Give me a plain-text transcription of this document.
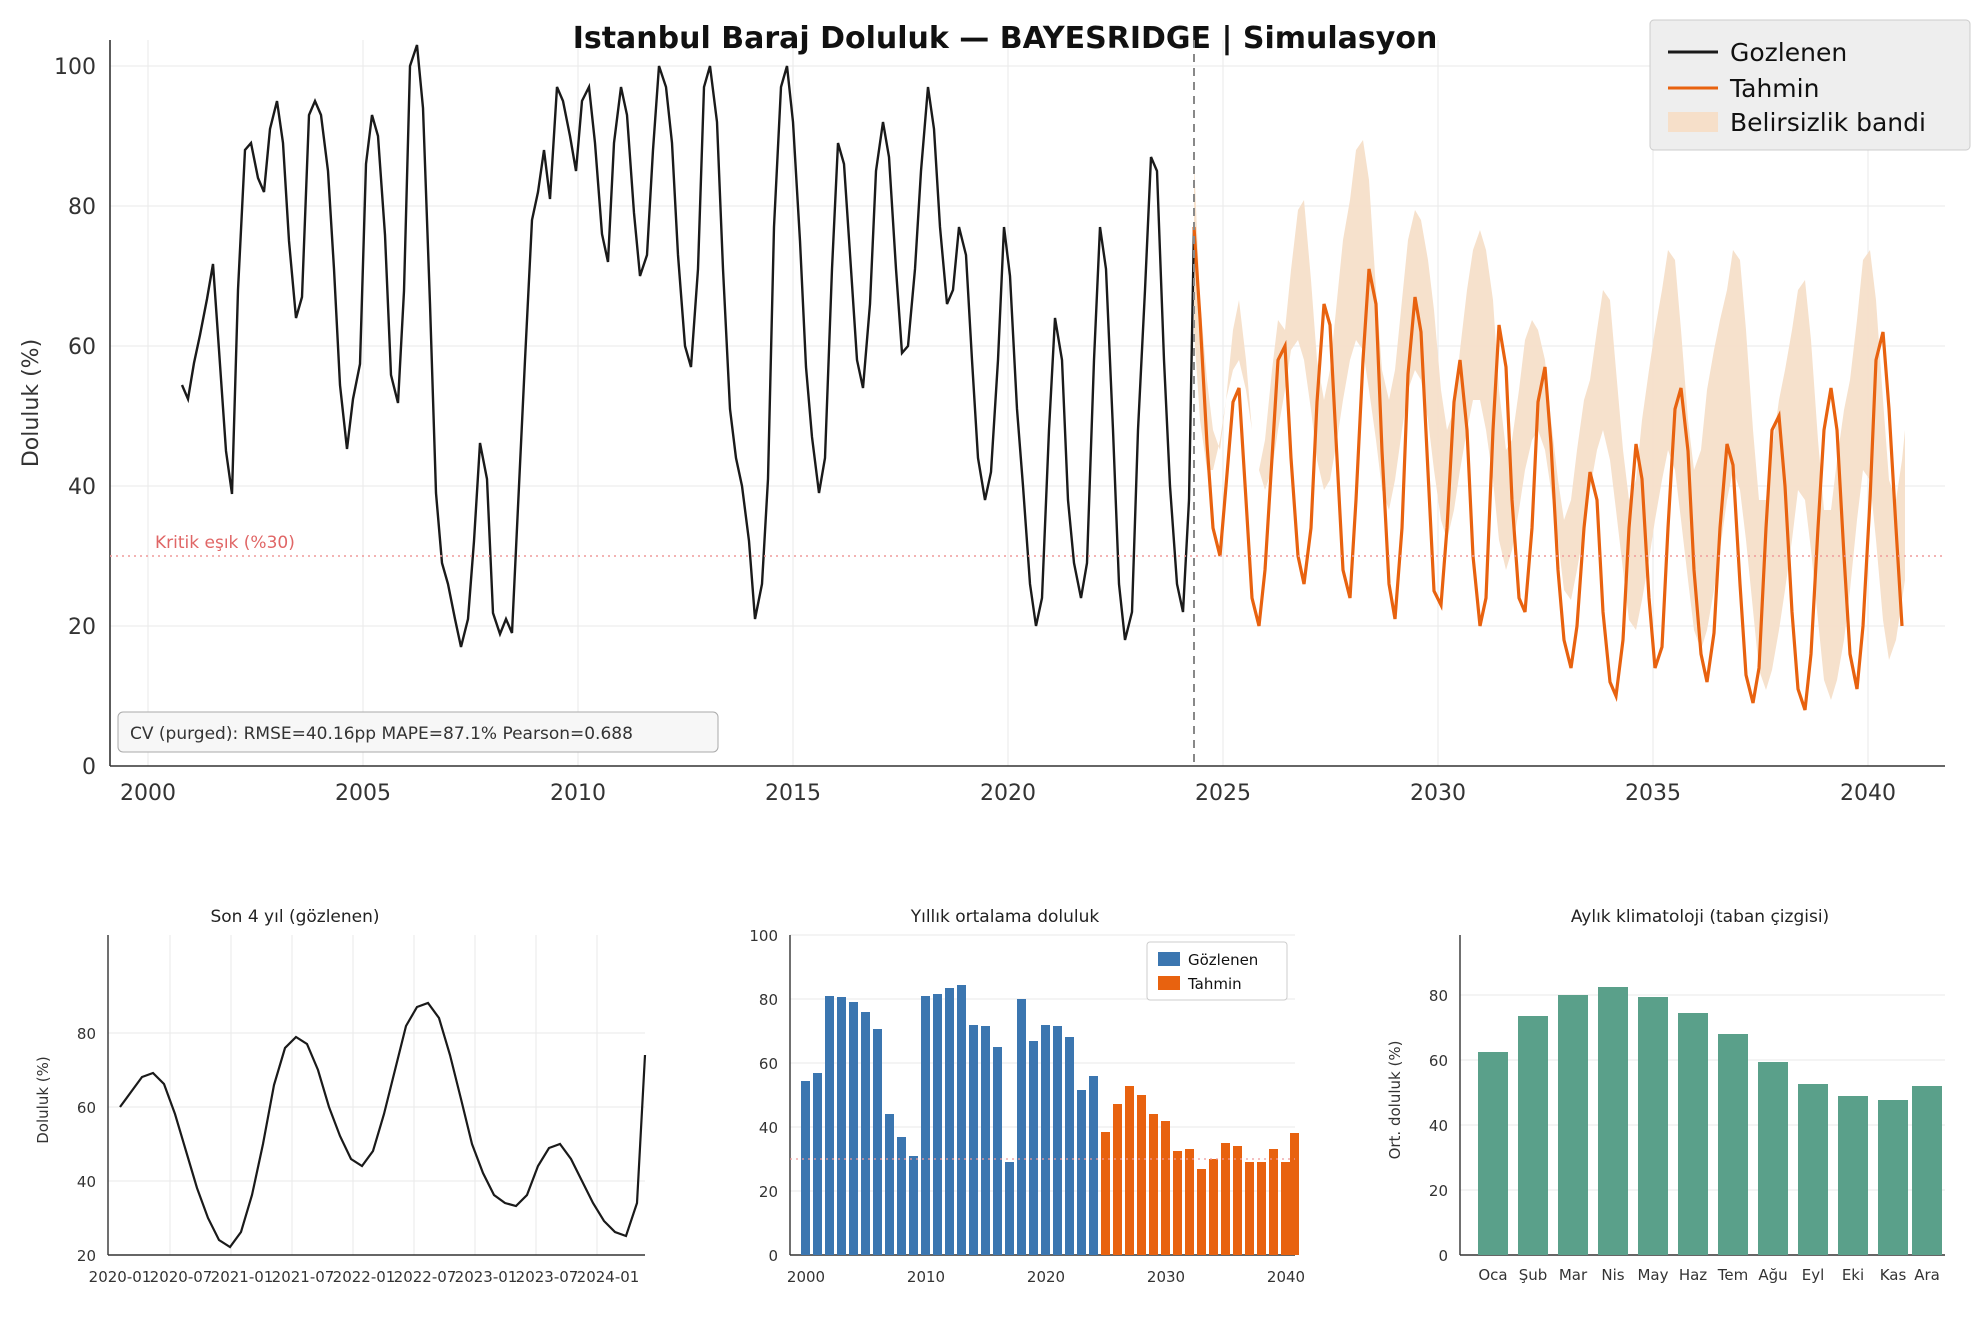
0
20
40
60
80
100
2000	2005	2010	2015	2020	2025	2030	2035	2040
Doluluk (%)
Istanbul Baraj Doluluk — BAYESRIDGE | Simulasyon
Kritik eşık (%30)
CV (purged): RMSE=40.16pp MAPE=87.1% Pearson=0.688
Gozlenen
Tahmin
Belirsizlik bandi
Son 4 yıl (gözlenen)
20
40
60
80
2020-01
2020-07
2021-01
2021-07
2022-01
2022-07
2023-01
2023-07
2024-01
Doluluk (%)
Yıllık ortalama doluluk
0
20
40
60
80
100
2000	2010	2020	2030	2040
Gözlenen
Tahmin
Aylık klimatoloji (taban çizgisi)
0
20
40
60
80
Ort. doluluk (%)
Oca Şub Mar Nis May Haz Tem Ağu Eyl Eki Kas Ara
